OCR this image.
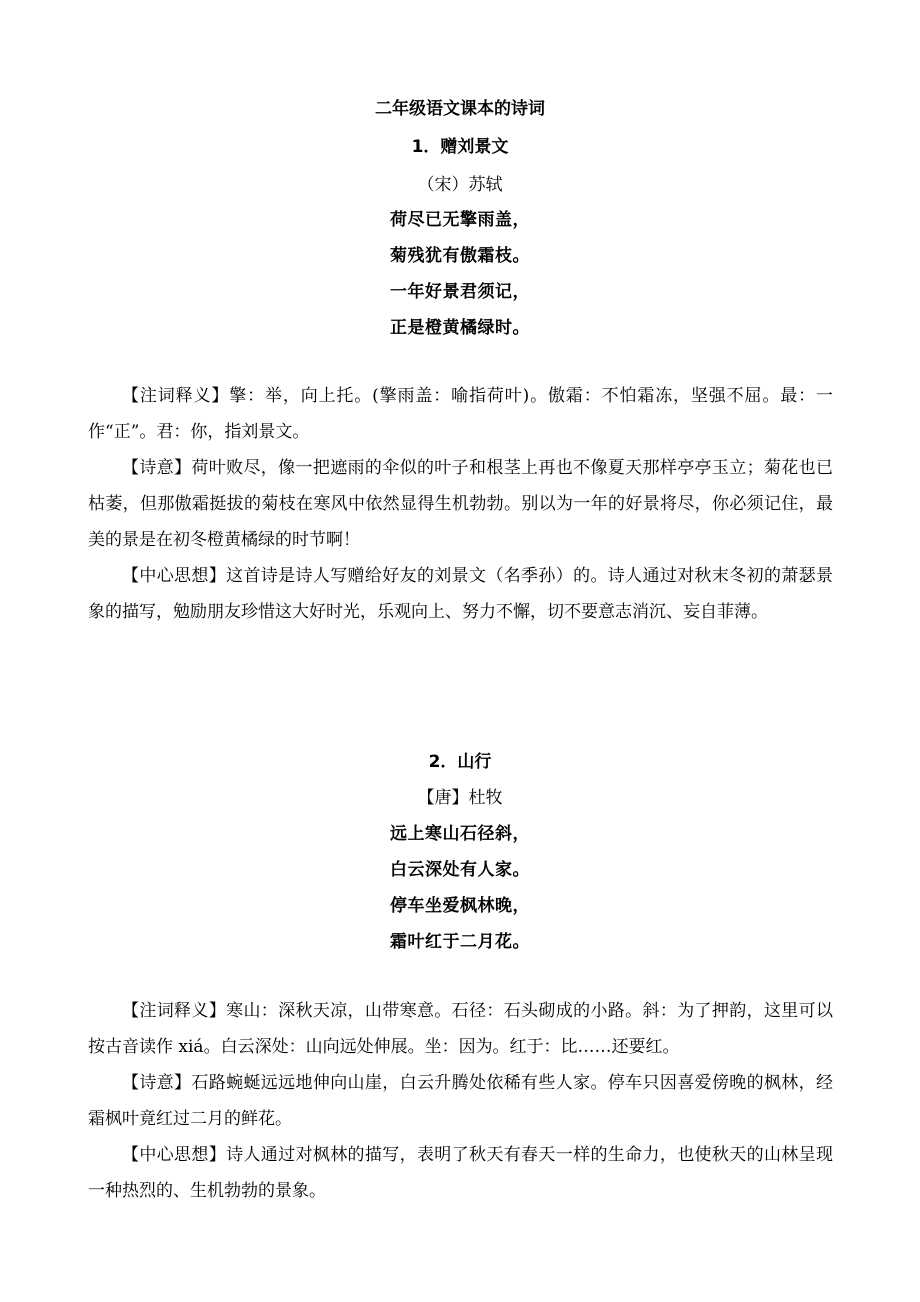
二年级语文课本的诗词
1．赠刘景文
（宋）苏轼
荷尽已无擎雨盖，
菊残犹有傲霜枝。
一年好景君须记，
正是橙黄橘绿时。
【注词释义】擎：举，向上托。(擎雨盖：喻指荷叶)。傲霜：不怕霜冻，坚强不屈。最：一作“正”。君：你，指刘景文。
【诗意】荷叶败尽，像一把遮雨的伞似的叶子和根茎上再也不像夏天那样亭亭玉立；菊花也已枯萎，但那傲霜挺拔的菊枝在寒风中依然显得生机勃勃。别以为一年的好景将尽，你必须记住，最美的景是在初冬橙黄橘绿的时节啊！
【中心思想】这首诗是诗人写赠给好友的刘景文（名季孙）的。诗人通过对秋末冬初的萧瑟景象的描写，勉励朋友珍惜这大好时光，乐观向上、努力不懈，切不要意志消沉、妄自菲薄。
2．山行
【唐】杜牧
远上寒山石径斜，
白云深处有人家。
停车坐爱枫林晚，
霜叶红于二月花。
【注词释义】寒山：深秋天凉，山带寒意。石径：石头砌成的小路。斜：为了押韵，这里可以按古音读作 xiá。白云深处：山向远处伸展。坐：因为。红于：比……还要红。
【诗意】石路蜿蜒远远地伸向山崖，白云升腾处依稀有些人家。停车只因喜爱傍晚的枫林，经霜枫叶竟红过二月的鲜花。
【中心思想】诗人通过对枫林的描写，表明了秋天有春天一样的生命力，也使秋天的山林呈现一种热烈的、生机勃勃的景象。
